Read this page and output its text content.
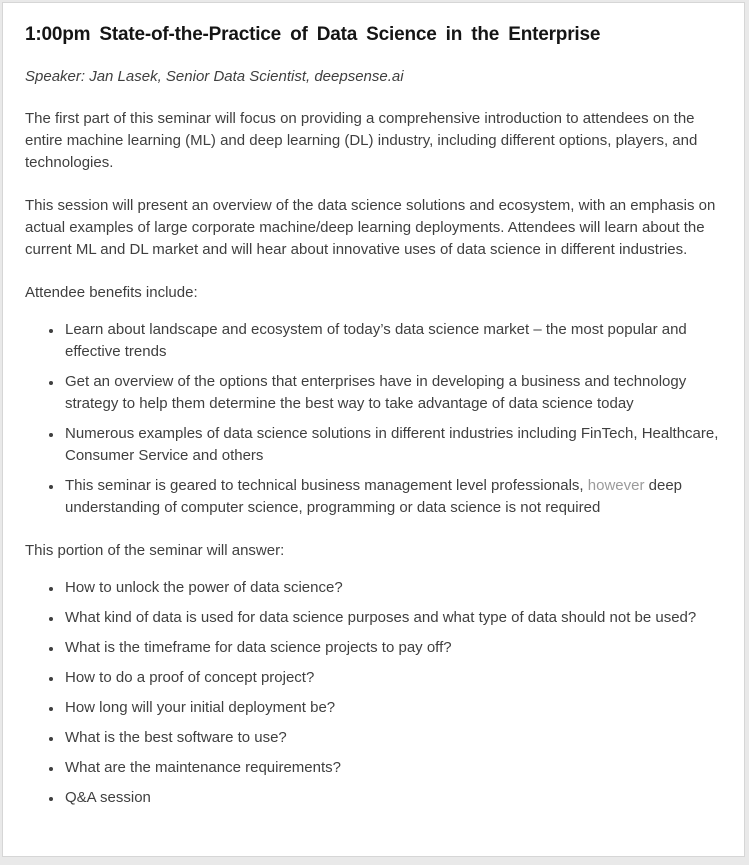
1:00pm State-of-the-Practice of Data Science in the Enterprise

Speaker: Jan Lasek, Senior Data Scientist, deepsense.ai

The first part of this seminar will focus on providing a comprehensive introduction to attendees on the entire machine learning (ML) and deep learning (DL) industry, including different options, players, and technologies.

This session will present an overview of the data science solutions and ecosystem, with an emphasis on actual examples of large corporate machine/deep learning deployments. Attendees will learn about the current ML and DL market and will hear about innovative uses of data science in different industries.

Attendee benefits include:

• Learn about landscape and ecosystem of today’s data science market – the most popular and effective trends
• Get an overview of the options that enterprises have in developing a business and technology strategy to help them determine the best way to take advantage of data science today
• Numerous examples of data science solutions in different industries including FinTech, Healthcare, Consumer Service and others
• This seminar is geared to technical business management level professionals, however deep understanding of computer science, programming or data science is not required

This portion of the seminar will answer:

• How to unlock the power of data science?
• What kind of data is used for data science purposes and what type of data should not be used?
• What is the timeframe for data science projects to pay off?
• How to do a proof of concept project?
• How long will your initial deployment be?
• What is the best software to use?
• What are the maintenance requirements?
• Q&A session
